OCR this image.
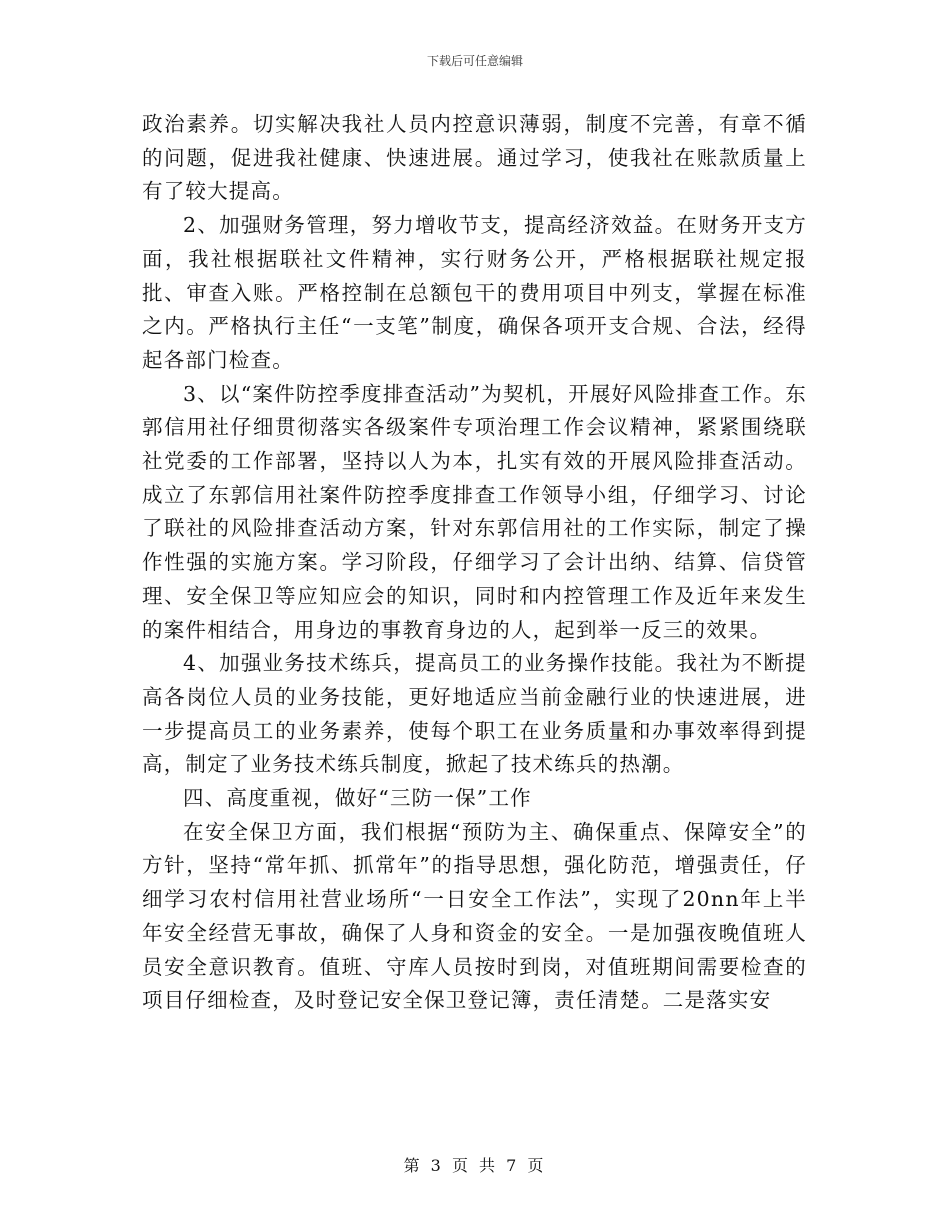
下载后可任意编辑

政治素养。切实解决我社人员内控意识薄弱，制度不完善，有章不循的问题，促进我社健康、快速进展。通过学习，使我社在账款质量上有了较大提高。

2、加强财务管理，努力增收节支，提高经济效益。在财务开支方面，我社根据联社文件精神，实行财务公开，严格根据联社规定报批、审查入账。严格控制在总额包干的费用项目中列支，掌握在标准之内。严格执行主任“一支笔”制度，确保各项开支合规、合法，经得起各部门检查。

3、以“案件防控季度排查活动”为契机，开展好风险排查工作。东郭信用社仔细贯彻落实各级案件专项治理工作会议精神，紧紧围绕联社党委的工作部署，坚持以人为本，扎实有效的开展风险排查活动。成立了东郭信用社案件防控季度排查工作领导小组，仔细学习、讨论了联社的风险排查活动方案，针对东郭信用社的工作实际，制定了操作性强的实施方案。学习阶段，仔细学习了会计出纳、结算、信贷管理、安全保卫等应知应会的知识，同时和内控管理工作及近年来发生的案件相结合，用身边的事教育身边的人，起到举一反三的效果。

4、加强业务技术练兵，提高员工的业务操作技能。我社为不断提高各岗位人员的业务技能，更好地适应当前金融行业的快速进展，进一步提高员工的业务素养，使每个职工在业务质量和办事效率得到提高，制定了业务技术练兵制度，掀起了技术练兵的热潮。

四、高度重视，做好“三防一保”工作

在安全保卫方面，我们根据“预防为主、确保重点、保障安全”的方针，坚持“常年抓、抓常年”的指导思想，强化防范，增强责任，仔细学习农村信用社营业场所“一日安全工作法”，实现了20nn年上半年安全经营无事故，确保了人身和资金的安全。一是加强夜晚值班人员安全意识教育。值班、守库人员按时到岗，对值班期间需要检查的项目仔细检查，及时登记安全保卫登记簿，责任清楚。二是落实安

第 3 页 共 7 页
